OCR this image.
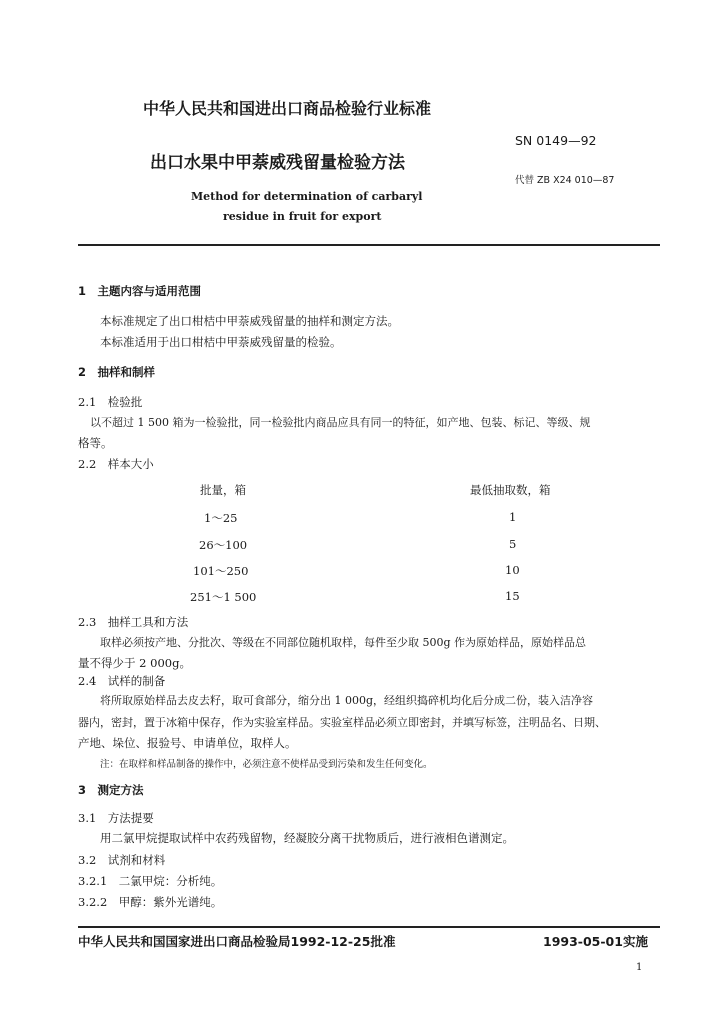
中华人民共和国进出口商品检验行业标准
SN 0149—92
出口水果中甲萘威残留量检验方法
代替 ZB X24 010—87
Method for determination of carbaryl
residue in fruit for export
1　主题内容与适用范围
本标准规定了出口柑桔中甲萘威残留量的抽样和测定方法。
本标准适用于出口柑桔中甲萘威残留量的检验。
2　抽样和制样
2.1　检验批
以不超过 1 500 箱为一检验批，同一检验批内商品应具有同一的特征，如产地、包装、标记、等级、规
格等。
2.2　样本大小
批量，箱	最低抽取数，箱
1～25	1
26～100	5
101～250	10
251～1 500	15
2.3　抽样工具和方法
取样必须按产地、分批次、等级在不同部位随机取样，每件至少取 500g 作为原始样品，原始样品总
量不得少于 2 000g。
2.4　试样的制备
将所取原始样品去皮去籽，取可食部分，缩分出 1 000g，经组织捣碎机均化后分成二份，装入洁净容
器内，密封，置于冰箱中保存，作为实验室样品。实验室样品必须立即密封，并填写标签，注明品名、日期、
产地、垛位、报验号、申请单位，取样人。
注：在取样和样品制备的操作中，必须注意不使样品受到污染和发生任何变化。
3　测定方法
3.1　方法提要
用二氯甲烷提取试样中农药残留物，经凝胶分离干扰物质后，进行液相色谱测定。
3.2　试剂和材料
3.2.1　二氯甲烷：分析纯。
3.2.2　甲醇：紫外光谱纯。
中华人民共和国国家进出口商品检验局1992-12-25批准	1993-05-01实施
1
